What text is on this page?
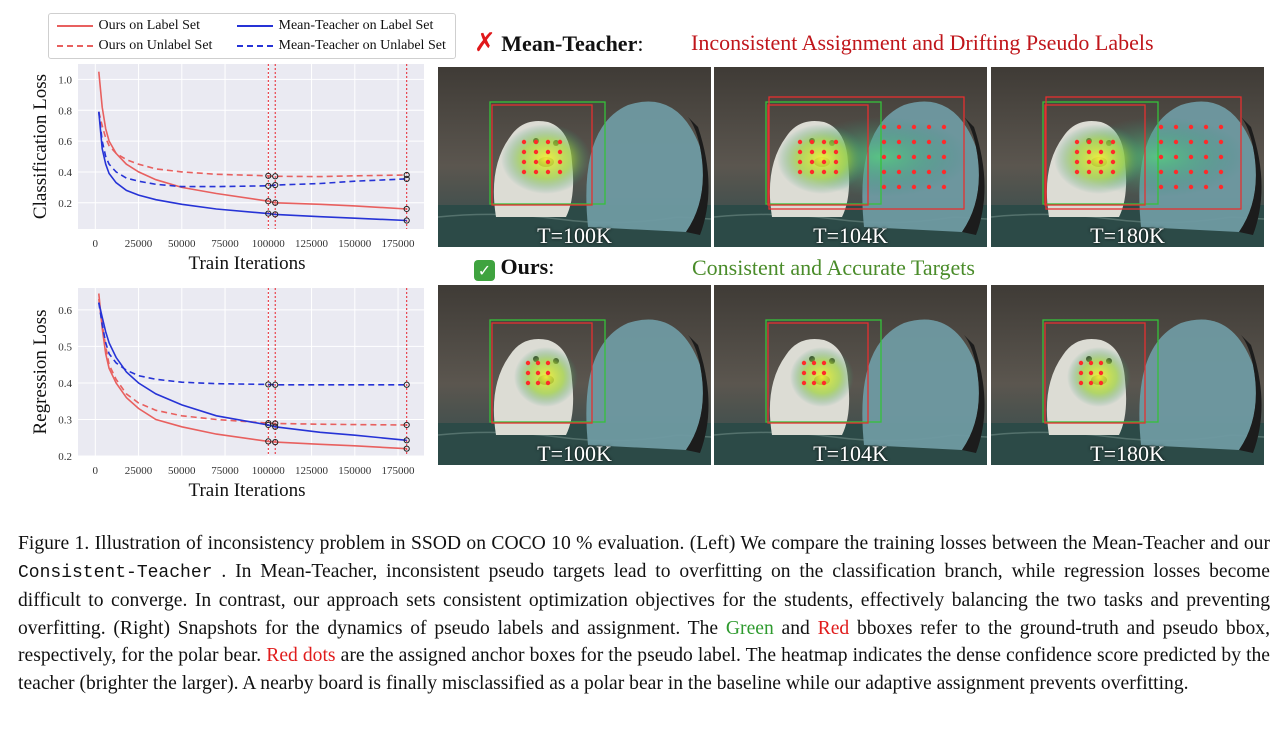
Ours on Label Set
Ours on Unlabel Set
Mean-Teacher on Label Set
Mean-Teacher on Unlabel Set
0.2
0.4
0.6
0.8
1.0
0 25000 50000 75000 100000 125000 150000 175000
Classification Loss
Train Iterations
0.2
0.3
0.4
0.5
0.6
0 25000 50000 75000 100000 125000 150000 175000
Regression Loss
Train Iterations
✗ Mean-Teacher: Inconsistent Assignment and Drifting Pseudo Labels
✓ Ours:	Consistent and Accurate Targets
T=100K	T=104K	T=180K
T=100K	T=104K	T=180K
Figure 1. Illustration of inconsistency problem in SSOD on COCO 10 % evaluation. (Left) We compare the training losses between the Mean-Teacher and our Consistent-Teacher . In Mean-Teacher, inconsistent pseudo targets lead to overfitting on the classification branch, while regression losses become difficult to converge. In contrast, our approach sets consistent optimization objectives for the students, effectively balancing the two tasks and preventing overfitting. (Right) Snapshots for the dynamics of pseudo labels and assignment. The Green and Red bboxes refer to the ground-truth and pseudo bbox, respectively, for the polar bear. Red dots are the assigned anchor boxes for the pseudo label. The heatmap indicates the dense confidence score predicted by the teacher (brighter the larger). A nearby board is finally misclassified as a polar bear in the baseline while our adaptive assignment prevents overfitting.
